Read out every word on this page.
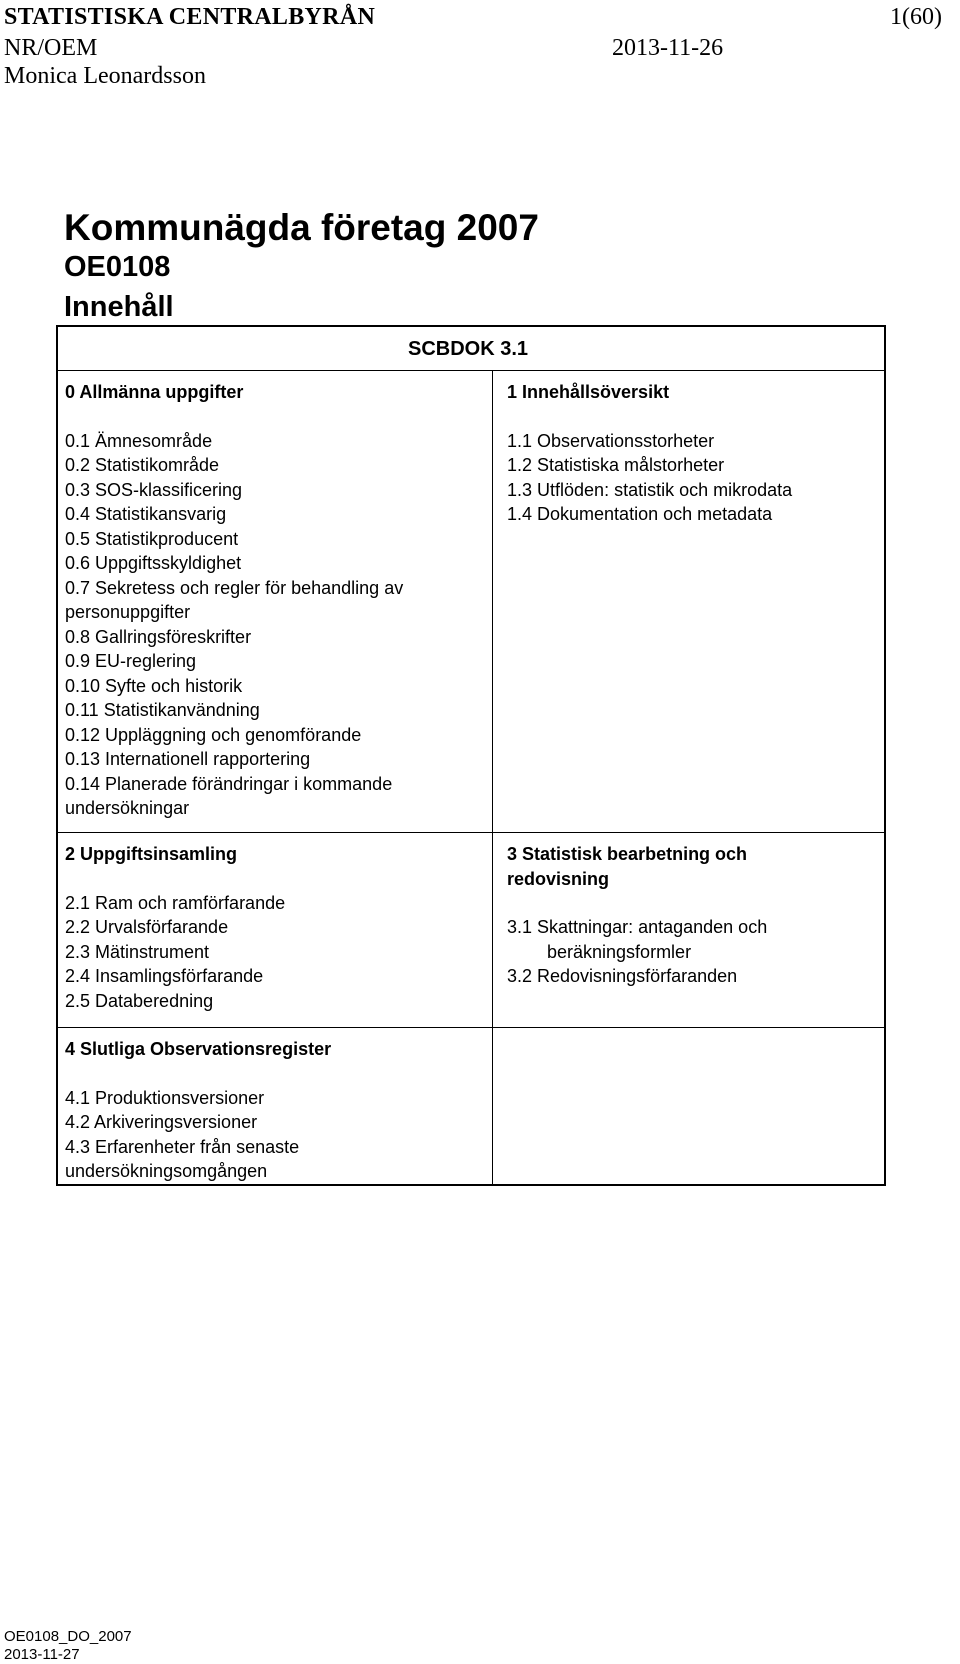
STATISTISKA CENTRALBYRÅN	1(60)
NR/OEM	2013-11-26
Monica Leonardsson
Kommunägda företag 2007
OE0108
Innehåll
SCBDOK 3.1
0 Allmänna uppgifter
0.1 Ämnesområde
0.2 Statistikområde
0.3 SOS-klassificering
0.4 Statistikansvarig
0.5 Statistikproducent
0.6 Uppgiftsskyldighet
0.7 Sekretess och regler för behandling av personuppgifter
0.8 Gallringsföreskrifter
0.9 EU-reglering
0.10 Syfte och historik
0.11 Statistikanvändning
0.12 Uppläggning och genomförande
0.13 Internationell rapportering
0.14 Planerade förändringar i kommande undersökningar
1 Innehållsöversikt
1.1 Observationsstorheter
1.2 Statistiska målstorheter
1.3 Utflöden: statistik och mikrodata
1.4 Dokumentation och metadata
2 Uppgiftsinsamling
2.1 Ram och ramförfarande
2.2 Urvalsförfarande
2.3 Mätinstrument
2.4 Insamlingsförfarande
2.5 Databeredning
3 Statistisk bearbetning och redovisning
3.1 Skattningar: antaganden och beräkningsformler
3.2 Redovisningsförfaranden
4 Slutliga Observationsregister
4.1 Produktionsversioner
4.2 Arkiveringsversioner
4.3 Erfarenheter från senaste undersökningsomgången
OE0108_DO_2007
2013-11-27
